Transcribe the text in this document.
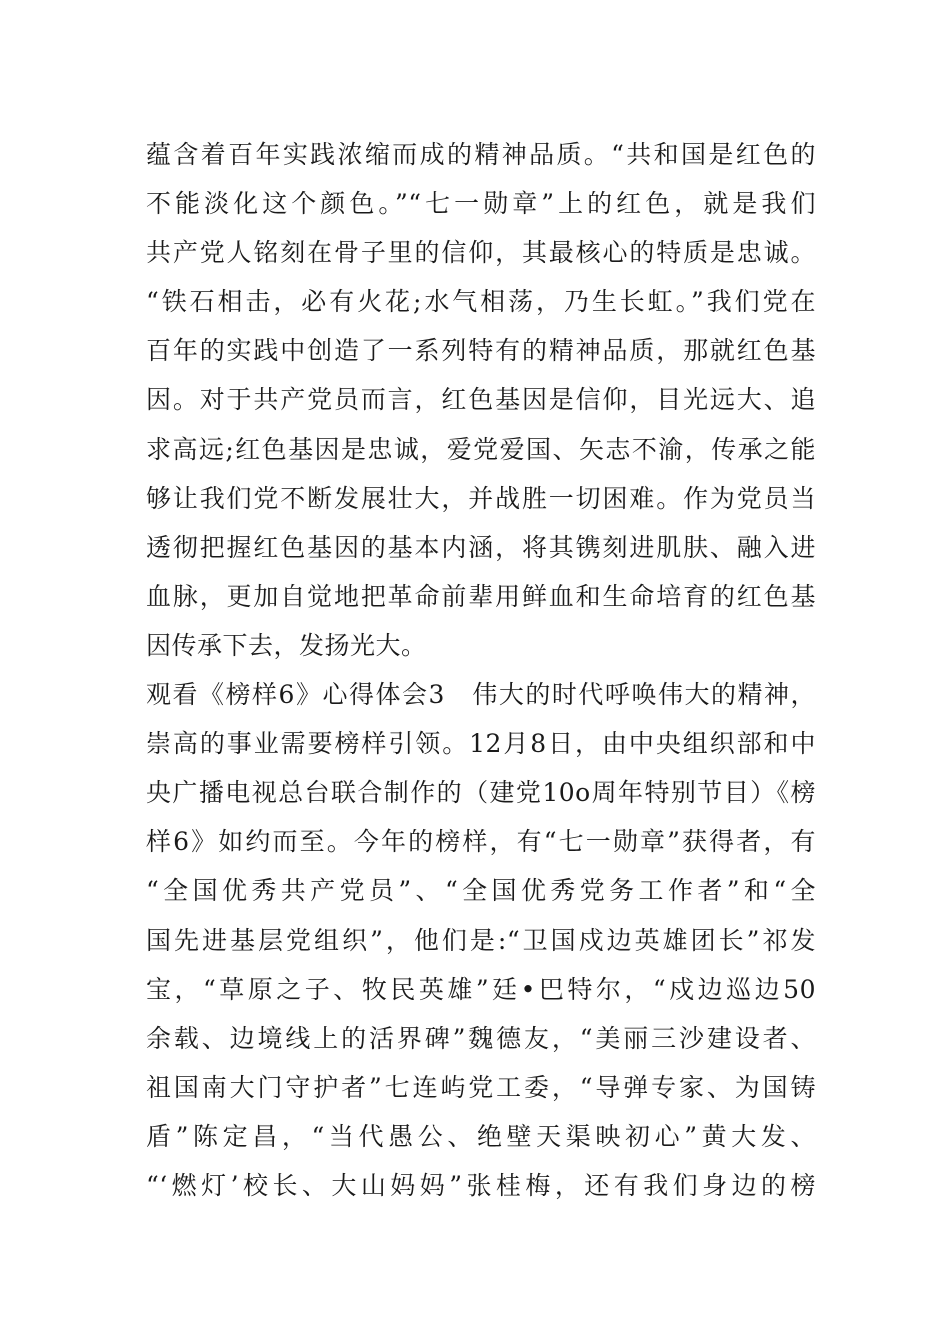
蕴含着百年实践浓缩而成的精神品质。“共和国是红色的
不能淡化这个颜色。”“七一勋章”上的红色，就是我们
共产党人铭刻在骨子里的信仰，其最核心的特质是忠诚。
“铁石相击，必有火花;水气相荡，乃生长虹。”我们党在
百年的实践中创造了一系列特有的精神品质，那就红色基
因。对于共产党员而言，红色基因是信仰，目光远大、追
求高远;红色基因是忠诚，爱党爱国、矢志不渝，传承之能
够让我们党不断发展壮大，并战胜一切困难。作为党员当
透彻把握红色基因的基本内涵，将其镌刻进肌肤、融入进
血脉，更加自觉地把革命前辈用鲜血和生命培育的红色基
因传承下去，发扬光大。
观看《榜样6》心得体会3　伟大的时代呼唤伟大的精神，
崇高的事业需要榜样引领。12月8日，由中央组织部和中
央广播电视总台联合制作的（建党10o周年特别节目）《榜
样6》如约而至。今年的榜样，有“七一勋章”获得者，有
“全国优秀共产党员”、“全国优秀党务工作者”和“全
国先进基层党组织”，他们是:“卫国戍边英雄团长”祁发
宝，“草原之子、牧民英雄”廷•巴特尔，“戍边巡边50
余载、边境线上的活界碑”魏德友，“美丽三沙建设者、
祖国南大门守护者”七连屿党工委，“导弹专家、为国铸
盾”陈定昌，“当代愚公、绝壁天渠映初心”黄大发、
“‘燃灯’校长、大山妈妈”张桂梅，还有我们身边的榜
